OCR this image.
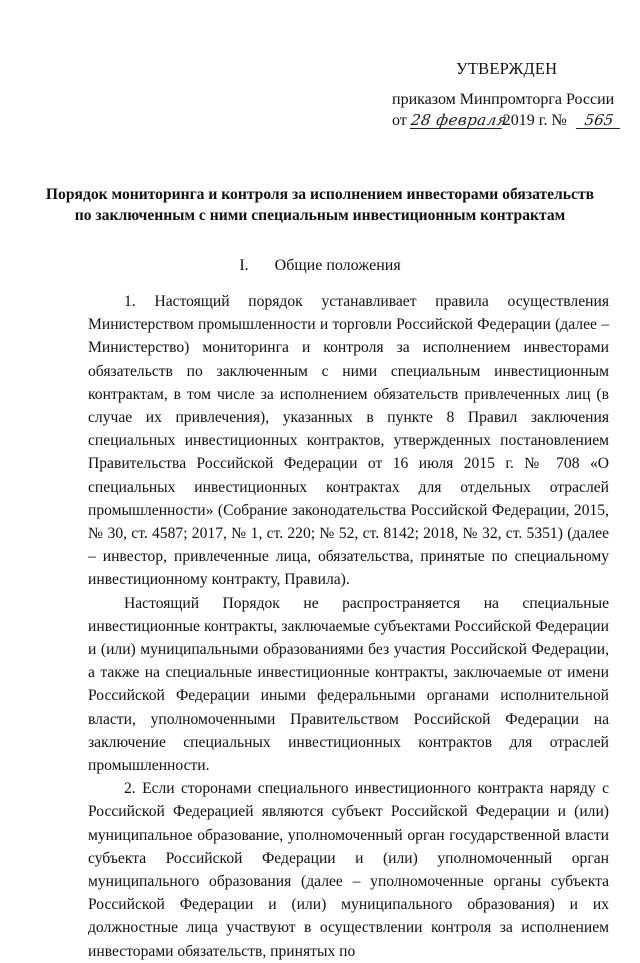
УТВЕРЖДЕН
приказом Минпромторга России
от 28 февраля2019 г. № 565
Порядок мониторинга и контроля за исполнением инвесторами обязательств
по заключенным с ними специальным инвестиционным контрактам
I. Общие положения

1. Настоящий порядок устанавливает правила осуществления Министерством промышленности и торговли Российской Федерации (далее – Министерство) мониторинга и контроля за исполнением инвесторами обязательств по заключенным с ними специальным инвестиционным контрактам, в том числе за исполнением обязательств привлеченных лиц (в случае их привлечения), указанных в пункте 8 Правил заключения специальных инвестиционных контрактов, утвержденных постановлением Правительства Российской Федерации от 16 июля 2015 г. № 708 «О специальных инвестиционных контрактах для отдельных отраслей промышленности» (Собрание законодательства Российской Федерации, 2015, № 30, ст. 4587; 2017, № 1, ст. 220; № 52, ст. 8142; 2018, № 32, ст. 5351) (далее – инвестор, привлеченные лица, обязательства, принятые по специальному инвестиционному контракту, Правила).

Настоящий Порядок не распространяется на специальные инвестиционные контракты, заключаемые субъектами Российской Федерации и (или) муниципальными образованиями без участия Российской Федерации, а также на специальные инвестиционные контракты, заключаемые от имени Российской Федерации иными федеральными органами исполнительной власти, уполномоченными Правительством Российской Федерации на заключение специальных инвестиционных контрактов для отраслей промышленности.

2. Если сторонами специального инвестиционного контракта наряду с Российской Федерацией являются субъект Российской Федерации и (или) муниципальное образование, уполномоченный орган государственной власти субъекта Российской Федерации и (или) уполномоченный орган муниципального образования (далее – уполномоченные органы субъекта Российской Федерации и (или) муниципального образования) и их должностные лица участвуют в осуществлении контроля за исполнением инвесторами обязательств, принятых по
